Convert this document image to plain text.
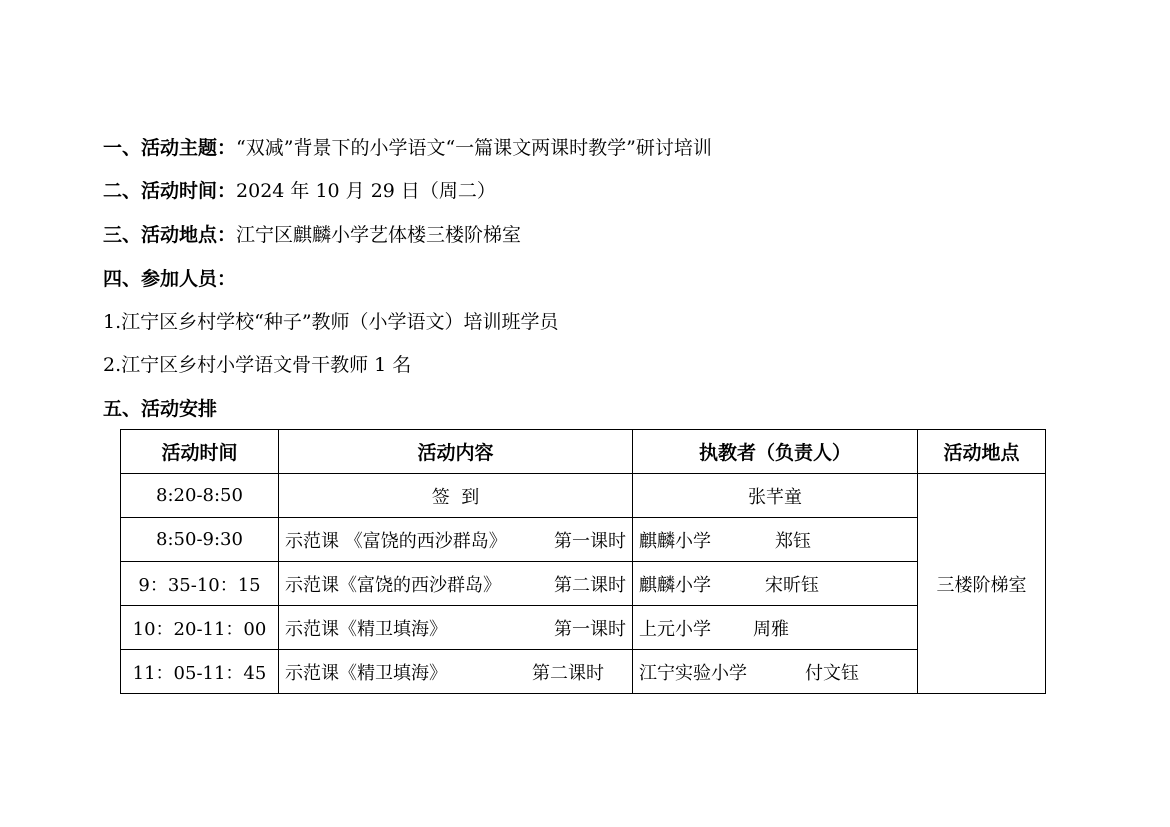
一、活动主题：“双减”背景下的小学语文“一篇课文两课时教学”研讨培训
二、活动时间：2024 年 10 月 29 日（周二）
三、活动地点：江宁区麒麟小学艺体楼三楼阶梯室
四、参加人员：
1.江宁区乡村学校“种子”教师（小学语文）培训班学员
2.江宁区乡村小学语文骨干教师 1 名
五、活动安排
活动时间	活动内容	执教者（负责人）	活动地点
8:20-8:50	签  到	张芊童	三楼阶梯室
8:50-9:30	示范课 《富饶的西沙群岛》 第一课时	麒麟小学 郑钰	

9：35-10：15	示范课《富饶的西沙群岛》 第二课时	麒麟小学 宋昕钰	

10：20-11：00	示范课《精卫填海》 第一课时	上元小学 周雅	

11：05-11：45	示范课《精卫填海》 第二课时	江宁实验小学 付文钰	
